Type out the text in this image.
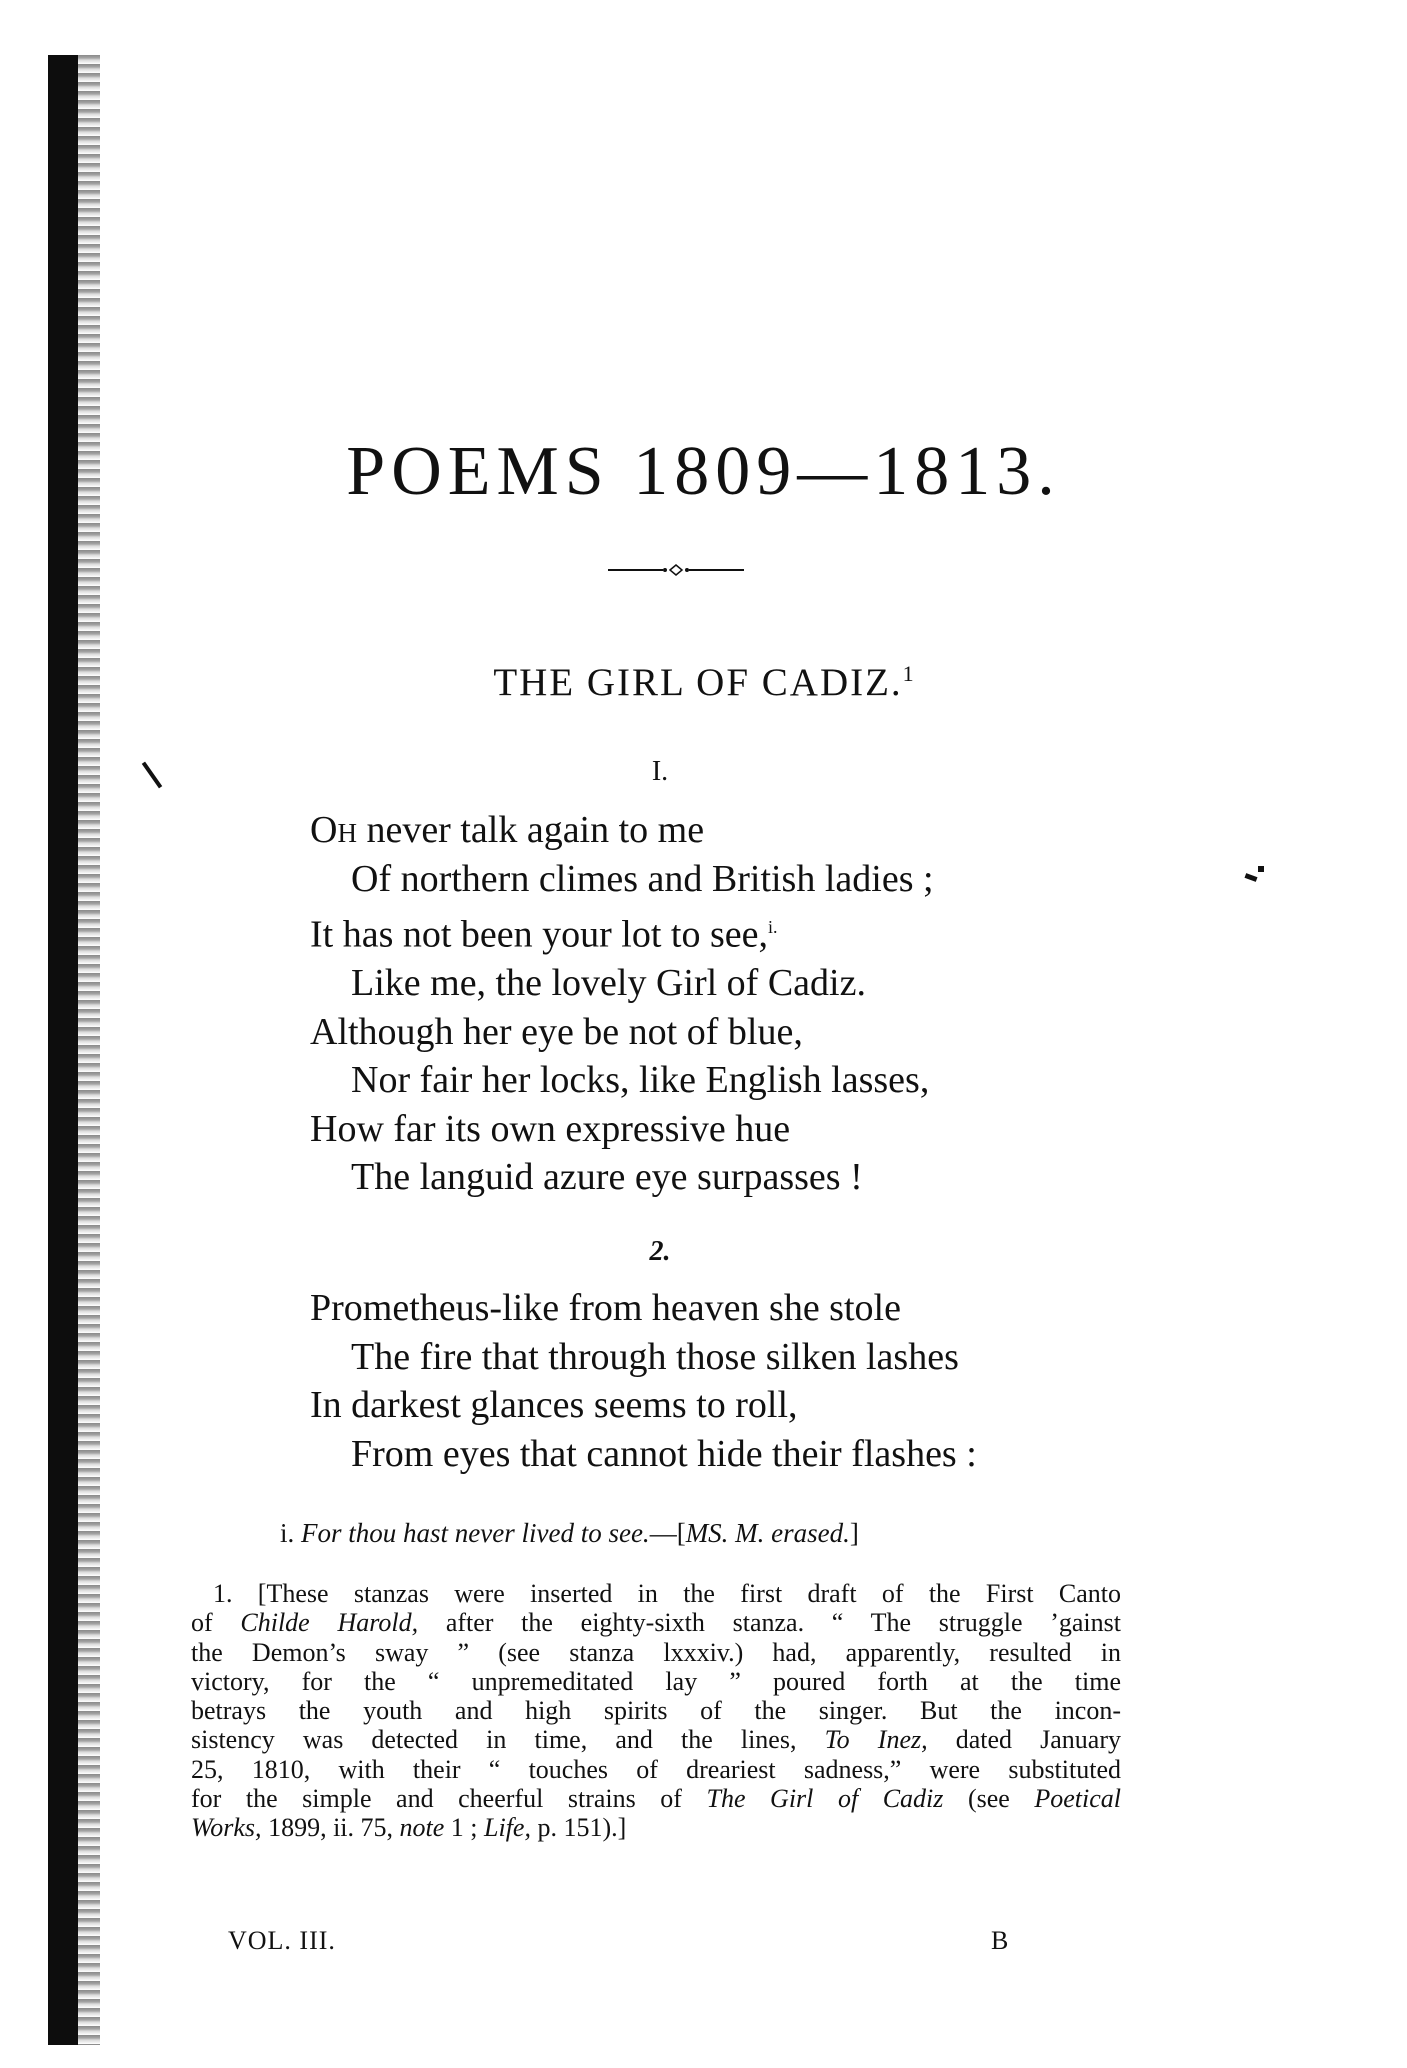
POEMS 1809—1813.
THE GIRL OF CADIZ.$^1$
I.
Oh never talk again to me
Of northern climes and British ladies ;
It has not been your lot to see,$^{i.}$
Like me, the lovely Girl of Cadiz.
Although her eye be not of blue,
Nor fair her locks, like English lasses,
How far its own expressive hue
The languid azure eye surpasses !
2.
Prometheus-like from heaven she stole
The fire that through those silken lashes
In darkest glances seems to roll,
From eyes that cannot hide their flashes :
i. For thou hast never lived to see.—[MS. M. erased.]
1. [These stanzas were inserted in the first draft of the First Canto
of Childe Harold, after the eighty-sixth stanza. “ The struggle ’gainst
the Demon’s sway ” (see stanza lxxxiv.) had, apparently, resulted in
victory, for the “ unpremeditated lay ” poured forth at the time
betrays the youth and high spirits of the singer. But the incon-
sistency was detected in time, and the lines, To Inez, dated January
25, 1810, with their “ touches of dreariest sadness,” were substituted
for the simple and cheerful strains of The Girl of Cadiz (see Poetical
Works, 1899, ii. 75, note 1 ; Life, p. 151).]
VOL. III.	B
